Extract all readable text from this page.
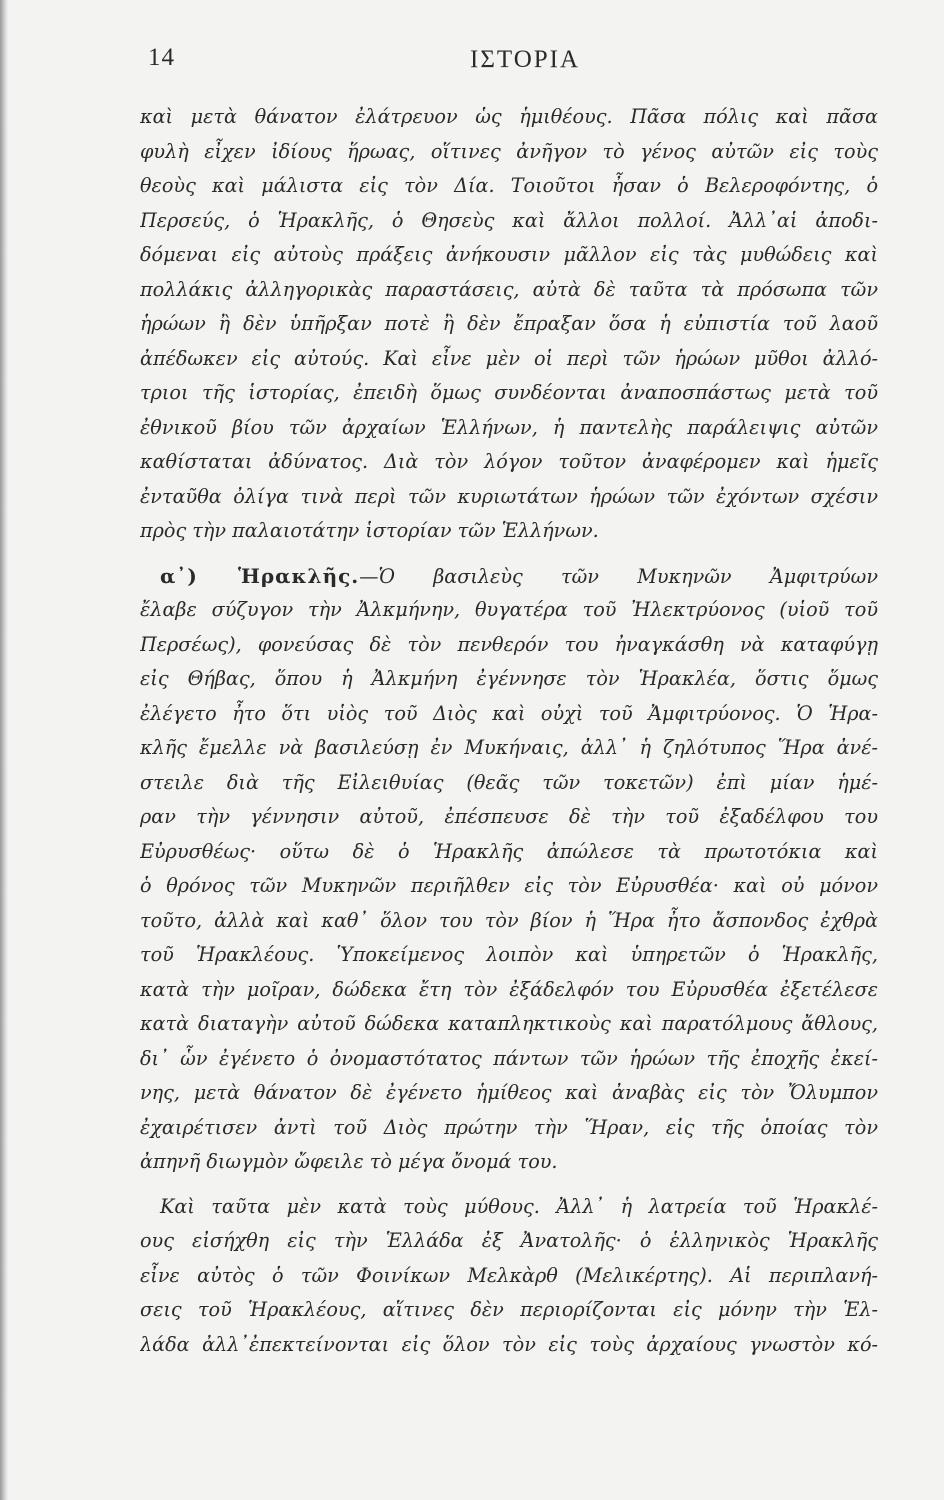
14	ΙΣΤΟΡΙΑ
καὶ μετὰ θάνατον ἐλάτρευον ὡς ἡμιθέους. Πᾶσα πόλις καὶ πᾶσα
φυλὴ εἶχεν ἰδίους ἥρωας, οἵτινες ἀνῆγον τὸ γένος αὐτῶν εἰς τοὺς
θεοὺς καὶ μάλιστα εἰς τὸν Δία. Τοιοῦτοι ἦσαν ὁ Βελεροφόντης, ὁ
Περσεύς, ὁ Ἡρακλῆς, ὁ Θησεὺς καὶ ἄλλοι πολλοί. Ἀλλ᾽αἱ ἀποδι-
δόμεναι εἰς αὐτοὺς πράξεις ἀνήκουσιν μᾶλλον εἰς τὰς μυθώδεις καὶ
πολλάκις ἀλληγορικὰς παραστάσεις, αὐτὰ δὲ ταῦτα τὰ πρόσωπα τῶν
ἡρώων ἢ δὲν ὑπῆρξαν ποτὲ ἢ δὲν ἔπραξαν ὅσα ἡ εὐπιστία τοῦ λαοῦ
ἀπέδωκεν εἰς αὐτούς. Καὶ εἶνε μὲν οἱ περὶ τῶν ἡρώων μῦθοι ἀλλό-
τριοι τῆς ἱστορίας, ἐπειδὴ ὅμως συνδέονται ἀναποσπάστως μετὰ τοῦ
ἐθνικοῦ βίου τῶν ἀρχαίων Ἑλλήνων, ἡ παντελὴς παράλειψις αὐτῶν
καθίσταται ἀδύνατος. Διὰ τὸν λόγον τοῦτον ἀναφέρομεν καὶ ἡμεῖς
ἐνταῦθα ὀλίγα τινὰ περὶ τῶν κυριωτάτων ἡρώων τῶν ἐχόντων σχέσιν
πρὸς τὴν παλαιοτάτην ἱστορίαν τῶν Ἑλλήνων.
α᾽) Ἡρακλῆς.—Ὁ βασιλεὺς τῶν Μυκηνῶν Ἀμφιτρύων
ἔλαβε σύζυγον τὴν Ἀλκμήνην, θυγατέρα τοῦ Ἠλεκτρύονος (υἱοῦ τοῦ
Περσέως), φονεύσας δὲ τὸν πενθερόν του ἠναγκάσθη νὰ καταφύγῃ
εἰς Θήβας, ὅπου ἡ Ἀλκμήνη ἐγέννησε τὸν Ἡρακλέα, ὅστις ὅμως
ἐλέγετο ἦτο ὅτι υἱὸς τοῦ Διὸς καὶ οὐχὶ τοῦ Ἀμφιτρύονος. Ὁ Ἡρα-
κλῆς ἔμελλε νὰ βασιλεύσῃ ἐν Μυκήναις, ἀλλ᾽ ἡ ζηλότυπος Ἥρα ἀνέ-
στειλε διὰ τῆς Εἰλειθυίας (θεᾶς τῶν τοκετῶν) ἐπὶ μίαν ἡμέ-
ραν τὴν γέννησιν αὐτοῦ, ἐπέσπευσε δὲ τὴν τοῦ ἐξαδέλφου του
Εὐρυσθέως· οὕτω δὲ ὁ Ἡρακλῆς ἀπώλεσε τὰ πρωτοτόκια καὶ
ὁ θρόνος τῶν Μυκηνῶν περιῆλθεν εἰς τὸν Εὐρυσθέα· καὶ οὐ μόνον
τοῦτο, ἀλλὰ καὶ καθ᾽ ὅλον του τὸν βίον ἡ Ἥρα ἦτο ἄσπονδος ἐχθρὰ
τοῦ Ἡρακλέους. Ὑποκείμενος λοιπὸν καὶ ὑπηρετῶν ὁ Ἡρακλῆς,
κατὰ τὴν μοῖραν, δώδεκα ἔτη τὸν ἐξάδελφόν του Εὐρυσθέα ἐξετέλεσε
κατὰ διαταγὴν αὐτοῦ δώδεκα καταπληκτικοὺς καὶ παρατόλμους ἄθλους,
δι᾽ ὧν ἐγένετο ὁ ὀνομαστότατος πάντων τῶν ἡρώων τῆς ἐποχῆς ἐκεί-
νης, μετὰ θάνατον δὲ ἐγένετο ἡμίθεος καὶ ἀναβὰς εἰς τὸν Ὄλυμπον
ἐχαιρέτισεν ἀντὶ τοῦ Διὸς πρώτην τὴν Ἥραν, εἰς τῆς ὁποίας τὸν
ἀπηνῆ διωγμὸν ὤφειλε τὸ μέγα ὄνομά του.
Καὶ ταῦτα μὲν κατὰ τοὺς μύθους. Ἀλλ᾽ ἡ λατρεία τοῦ Ἡρακλέ-
ους εἰσήχθη εἰς τὴν Ἑλλάδα ἐξ Ἀνατολῆς· ὁ ἑλληνικὸς Ἡρακλῆς
εἶνε αὐτὸς ὁ τῶν Φοινίκων Μελκὰρθ (Μελικέρτης). Αἱ περιπλανή-
σεις τοῦ Ἡρακλέους, αἵτινες δὲν περιορίζονται εἰς μόνην τὴν Ἑλ-
λάδα ἀλλ᾽ἐπεκτείνονται εἰς ὅλον τὸν εἰς τοὺς ἀρχαίους γνωστὸν κό-
